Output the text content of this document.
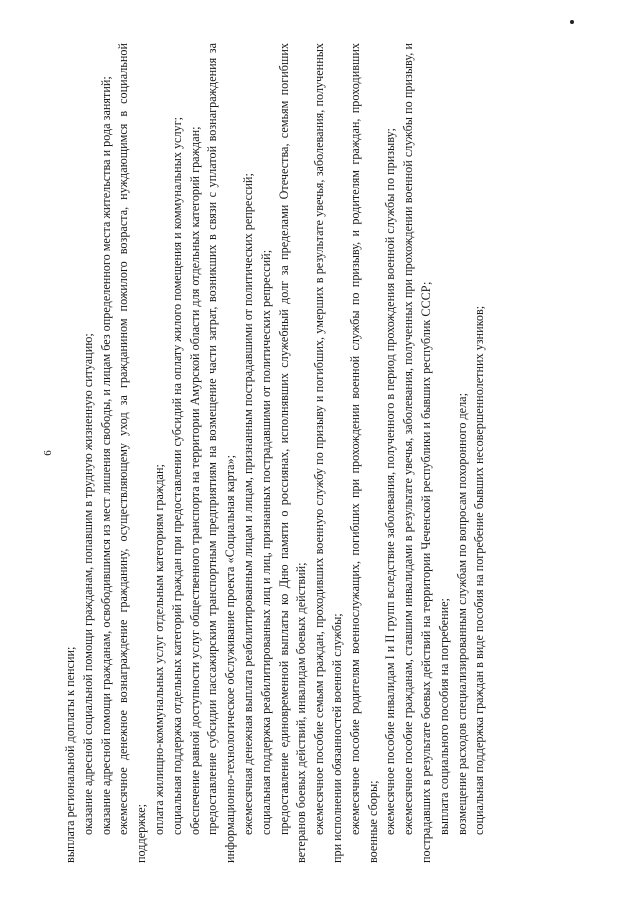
6

выплата региональной доплаты к пенсии; оказание адресной социальной помощи гражданам, попавшим в трудную жизненную ситуацию; оказание адресной помощи гражданам, освободившимся из мест лишения свободы, и лицам без определенного места жительства и рода занятий; ежемесячное денежное вознаграждение гражданину, осуществляющему уход за гражданином пожилого возраста, нуждающимся в социальной поддержке; оплата жилищно-коммунальных услуг отдельным категориям граждан; социальная поддержка отдельных категорий граждан при предоставлении субсидий на оплату жилого помещения и коммунальных услуг; обеспечение равной доступности услуг общественного транспорта на территории Амурской области для отдельных категорий граждан; предоставление субсидии пассажирским транспортным предприятиям на возмещение части затрат, возникших в связи с уплатой вознаграждения за информационно-технологическое обслуживание проекта «Социальная карта»; ежемесячная денежная выплата реабилитированным лицам и лицам, признанным пострадавшими от политических репрессий; социальная поддержка реабилитированных лиц и лиц, признанных пострадавшими от политических репрессий; предоставление единовременной выплаты ко Дню памяти о россиянах, исполнявших служебный долг за пределами Отечества, семьям погибших ветеранов боевых действий, инвалидам боевых действий; ежемесячное пособие семьям граждан, проходивших военную службу по призыву и погибших, умерших в результате увечья, заболевания, полученных при исполнении обязанностей военной службы; ежемесячное пособие родителям военнослужащих, погибших при прохождении военной службы по призыву, и родителям граждан, проходивших военные сборы; ежемесячное пособие инвалидам I и II групп вследствие заболевания, полученного в период прохождения военной службы по призыву; ежемесячное пособие гражданам, ставшим инвалидами в результате увечья, заболевания, полученных при прохождении военной службы по призыву, и пострадавших в результате боевых действий на территории Чеченской республики и бывших республик СССР; выплата социального пособия на погребение; возмещение расходов специализированным службам по вопросам похоронного дела; социальная поддержка граждан в виде пособия на погребение бывших несовершеннолетних узников;
